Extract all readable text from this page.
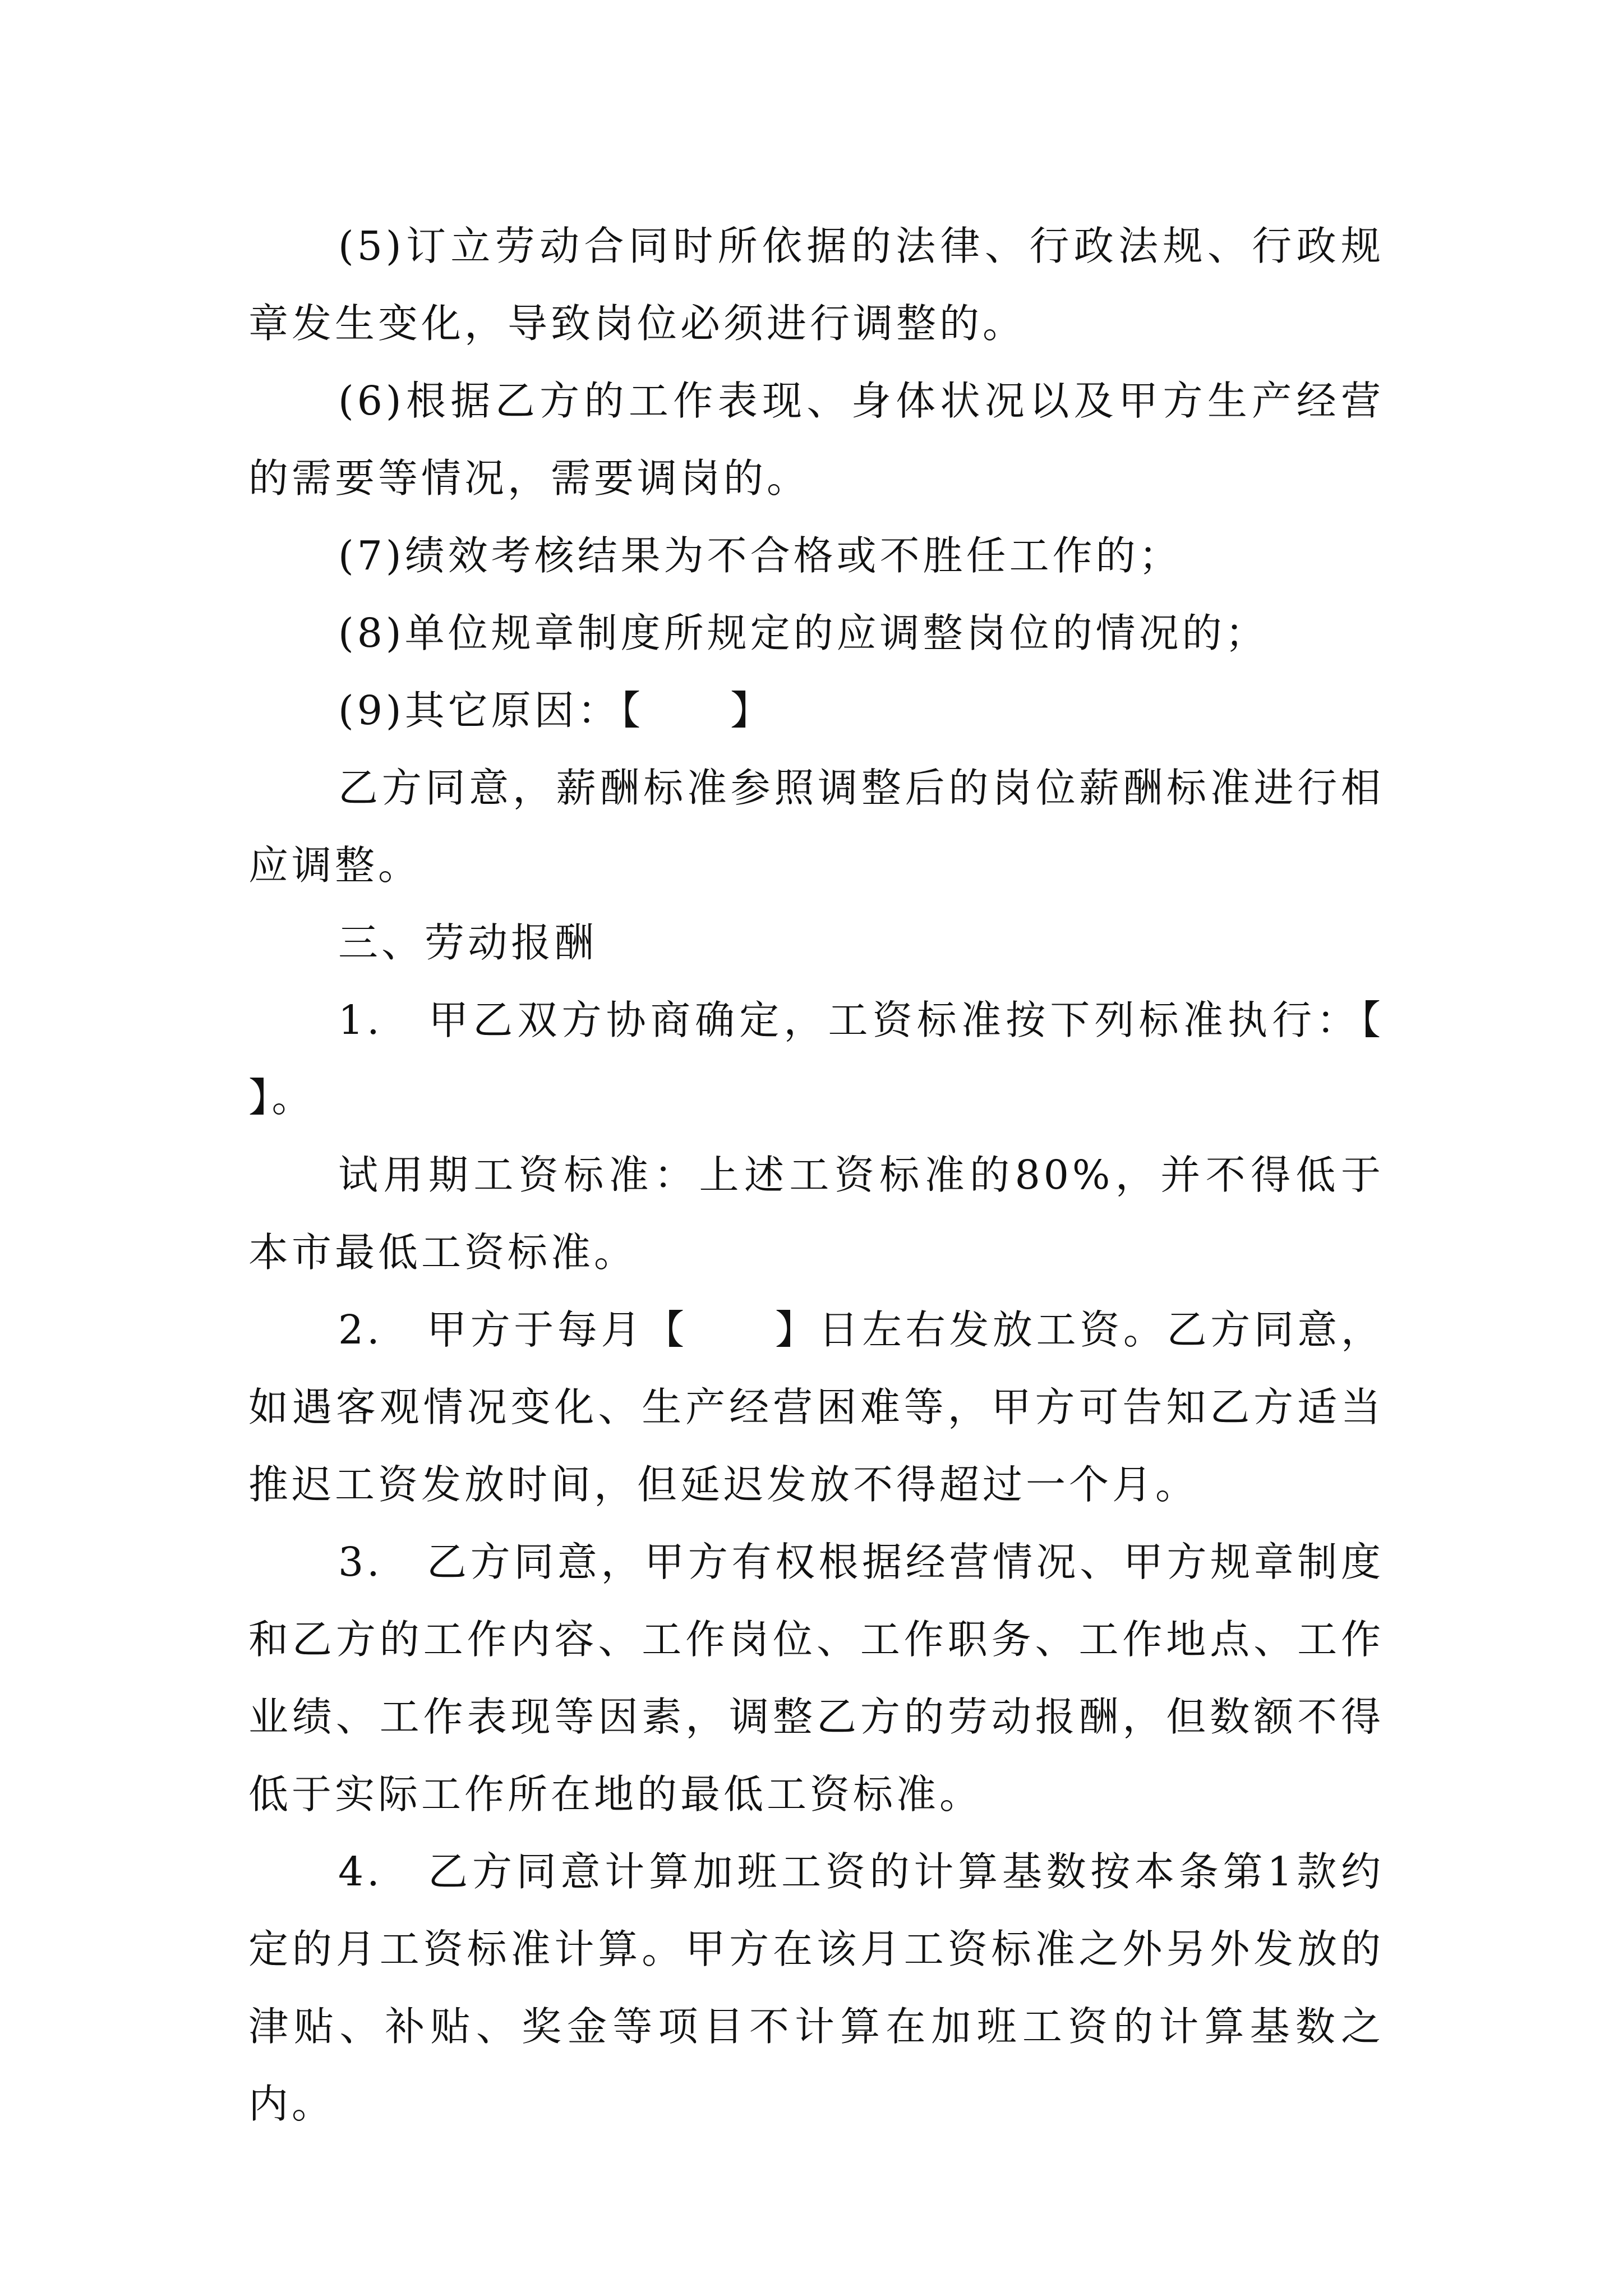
(5)订立劳动合同时所依据的法律、行政法规、行政规章发生变化，导致岗位必须进行调整的。

(6)根据乙方的工作表现、身体状况以及甲方生产经营的需要等情况，需要调岗的。

(7)绩效考核结果为不合格或不胜任工作的；

(8)单位规章制度所规定的应调整岗位的情况的；

(9)其它原因：【　　】

乙方同意，薪酬标准参照调整后的岗位薪酬标准进行相应调整。

三、劳动报酬

1.　甲乙双方协商确定，工资标准按下列标准执行：【　　】。

试用期工资标准：上述工资标准的80%，并不得低于本市最低工资标准。

2.　甲方于每月【　　】日左右发放工资。乙方同意，如遇客观情况变化、生产经营困难等，甲方可告知乙方适当推迟工资发放时间，但延迟发放不得超过一个月。

3.　乙方同意，甲方有权根据经营情况、甲方规章制度和乙方的工作内容、工作岗位、工作职务、工作地点、工作业绩、工作表现等因素，调整乙方的劳动报酬，但数额不得低于实际工作所在地的最低工资标准。

4.　乙方同意计算加班工资的计算基数按本条第1款约定的月工资标准计算。甲方在该月工资标准之外另外发放的津贴、补贴、奖金等项目不计算在加班工资的计算基数之内。
